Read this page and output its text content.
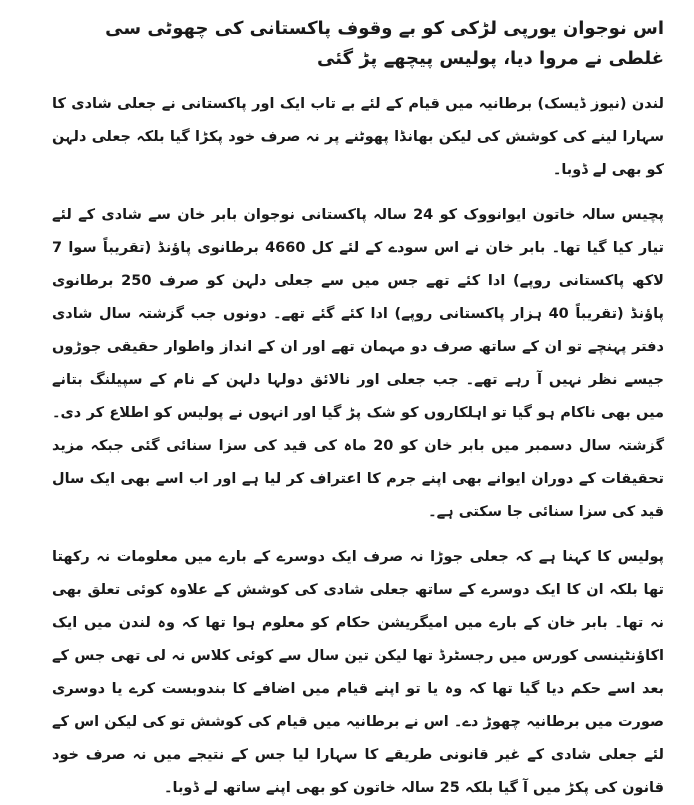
اس نوجوان یورپی لڑکی کو بے وقوف پاکستانی کی چھوٹی سی غلطی نے مروا دیا، پولیس پیچھے پڑ گئی

لندن (نیوز ڈیسک) برطانیہ میں قیام کے لئے بے تاب ایک اور پاکستانی نے جعلی شادی کا سہارا لینے کی کوشش کی لیکن بھانڈا پھوٹنے پر نہ صرف خود پکڑا گیا بلکہ جعلی دلہن کو بھی لے ڈوبا۔

پچیس سالہ خاتون ایوانووک کو 24 سالہ پاکستانی نوجوان بابر خان سے شادی کے لئے تیار کیا گیا تھا۔ بابر خان نے اس سودے کے لئے کل 4660 برطانوی پاؤنڈ (تقریباً سوا 7 لاکھ پاکستانی روپے) ادا کئے تھے جس میں سے جعلی دلہن کو صرف 250 برطانوی پاؤنڈ (تقریباً 40 ہزار پاکستانی روپے) ادا کئے گئے تھے۔ دونوں جب گزشتہ سال شادی دفتر پہنچے تو ان کے ساتھ صرف دو مہمان تھے اور ان کے انداز واطوار حقیقی جوڑوں جیسے نظر نہیں آ رہے تھے۔ جب جعلی اور نالائق دولہا دلہن کے نام کے سپیلنگ بتانے میں بھی ناکام ہو گیا تو اہلکاروں کو شک پڑ گیا اور انہوں نے پولیس کو اطلاع کر دی۔ گزشتہ سال دسمبر میں بابر خان کو 20 ماہ کی قید کی سزا سنائی گئی جبکہ مزید تحقیقات کے دوران ایوانے بھی اپنے جرم کا اعتراف کر لیا ہے اور اب اسے بھی ایک سال قید کی سزا سنائی جا سکتی ہے۔

پولیس کا کہنا ہے کہ جعلی جوڑا نہ صرف ایک دوسرے کے بارے میں معلومات نہ رکھتا تھا بلکہ ان کا ایک دوسرے کے ساتھ جعلی شادی کی کوشش کے علاوہ کوئی تعلق بھی نہ تھا۔ بابر خان کے بارے میں امیگریشن حکام کو معلوم ہوا تھا کہ وہ لندن میں ایک اکاؤنٹینسی کورس میں رجسٹرڈ تھا لیکن تین سال سے کوئی کلاس نہ لی تھی جس کے بعد اسے حکم دیا گیا تھا کہ وہ یا تو اپنے قیام میں اضافے کا بندوبست کرے یا دوسری صورت میں برطانیہ چھوڑ دے۔ اس نے برطانیہ میں قیام کی کوشش تو کی لیکن اس کے لئے جعلی شادی کے غیر قانونی طریقے کا سہارا لیا جس کے نتیجے میں نہ صرف خود قانون کی پکڑ میں آ گیا بلکہ 25 سالہ خاتون کو بھی اپنے ساتھ لے ڈوبا۔
